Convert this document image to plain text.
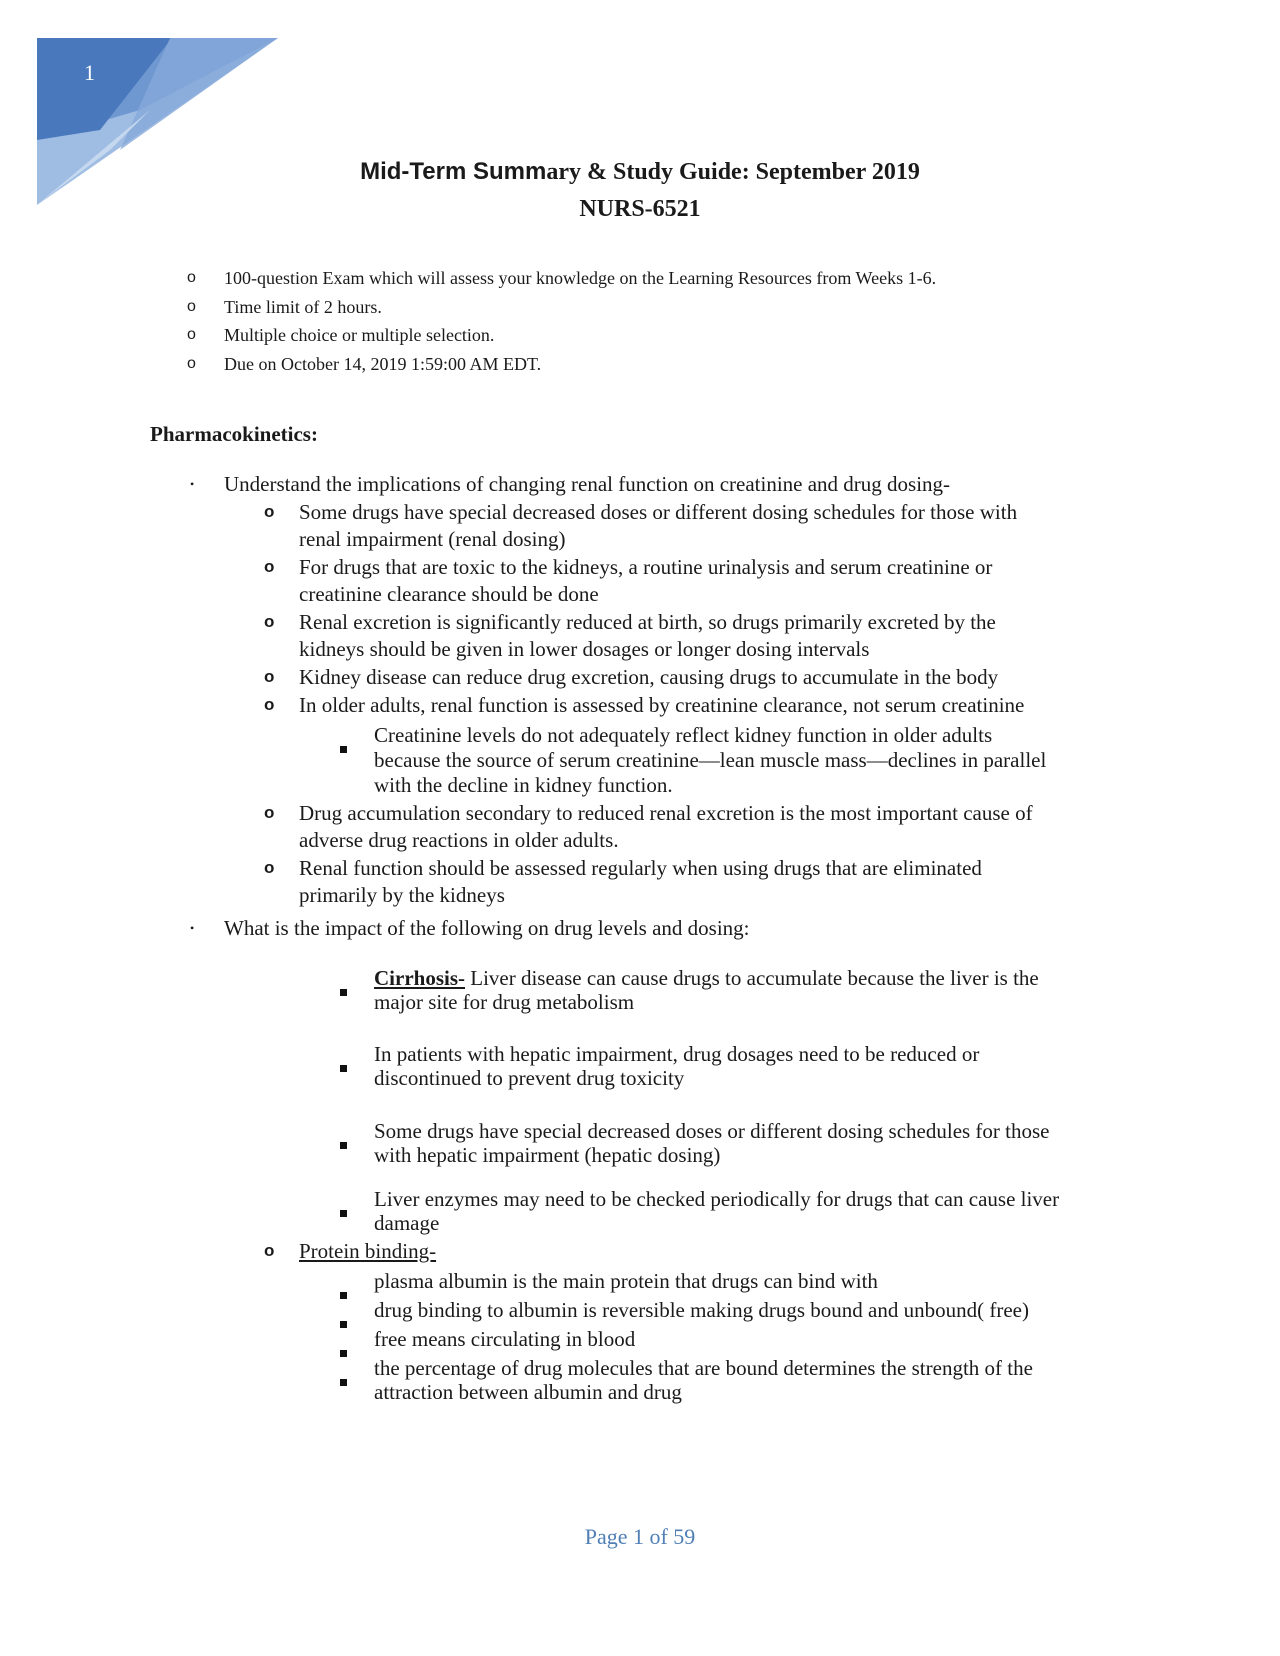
1
Mid-Term Summary & Study Guide: September 2019
NURS-6521
o 100-question Exam which will assess your knowledge on the Learning Resources from Weeks 1-6.
o Time limit of 2 hours.
o Multiple choice or multiple selection.
o Due on October 14, 2019 1:59:00 AM EDT.
Pharmacokinetics:
• Understand the implications of changing renal function on creatinine and drug dosing-
o Some drugs have special decreased doses or different dosing schedules for those with
renal impairment (renal dosing)
o For drugs that are toxic to the kidneys, a routine urinalysis and serum creatinine or
creatinine clearance should be done
o Renal excretion is significantly reduced at birth, so drugs primarily excreted by the
kidneys should be given in lower dosages or longer dosing intervals
o Kidney disease can reduce drug excretion, causing drugs to accumulate in the body
o In older adults, renal function is assessed by creatinine clearance, not serum creatinine
Creatinine levels do not adequately reflect kidney function in older adults
because the source of serum creatinine—lean muscle mass—declines in parallel
with the decline in kidney function.
o Drug accumulation secondary to reduced renal excretion is the most important cause of
adverse drug reactions in older adults.
o Renal function should be assessed regularly when using drugs that are eliminated
primarily by the kidneys
• What is the impact of the following on drug levels and dosing:
Cirrhosis- Liver disease can cause drugs to accumulate because the liver is the
major site for drug metabolism
In patients with hepatic impairment, drug dosages need to be reduced or
discontinued to prevent drug toxicity
Some drugs have special decreased doses or different dosing schedules for those
with hepatic impairment (hepatic dosing)
Liver enzymes may need to be checked periodically for drugs that can cause liver
damage
o Protein binding-
plasma albumin is the main protein that drugs can bind with
drug binding to albumin is reversible making drugs bound and unbound( free)
free means circulating in blood
the percentage of drug molecules that are bound determines the strength of the
attraction between albumin and drug
Page 1 of 59
